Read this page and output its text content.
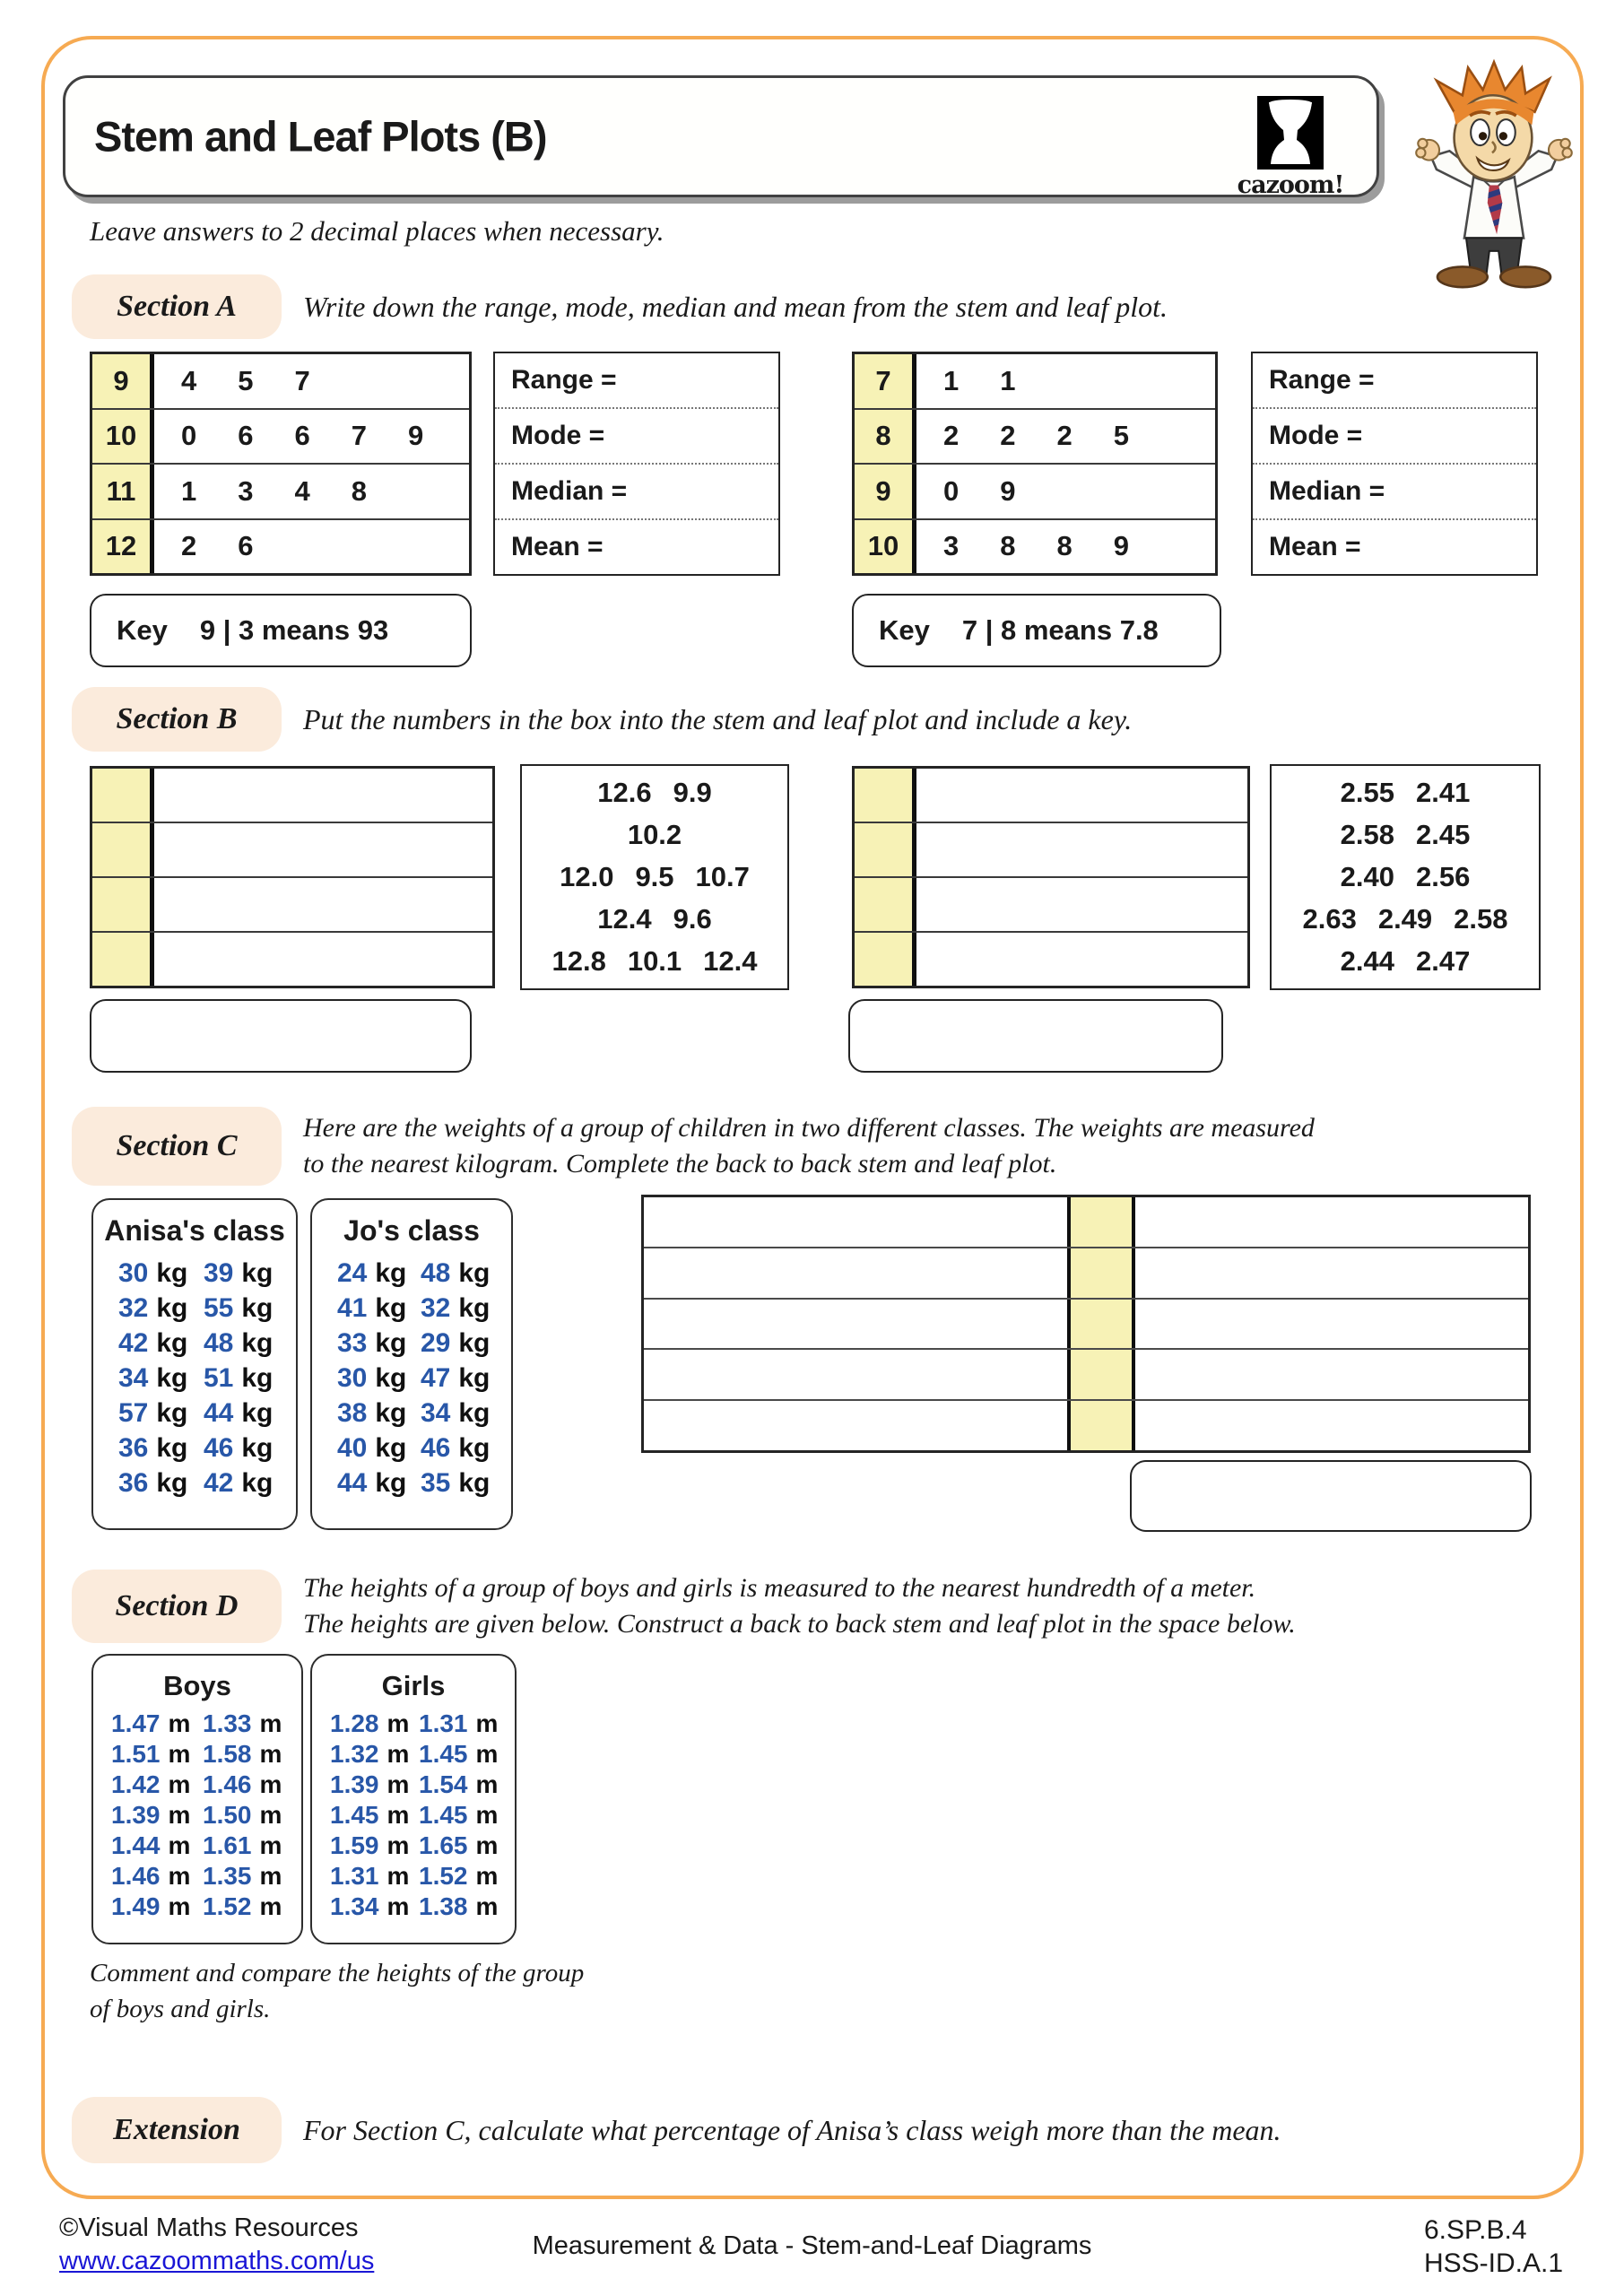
Stem and Leaf Plots (B)
cazoom!
Leave answers to 2 decimal places when necessary.
Section A	Write down the range, mode, median and mean from the stem and leaf plot.
9	4 5 7
10	0 6 6 7 9
11	1 3 4 8
12	2 6
Range =
Mode =
Median =
Mean =
7	1 1
8	2 2 2 5
9	0 9
10	3 8 8 9
Range =
Mode =
Median =
Mean =
Key 9 | 3 means 93	Key 7 | 8 means 7.8
Section B	Put the numbers in the box into the stem and leaf plot and include a key.
12.6 9.9
10.2
12.0 9.5 10.7
12.4 9.6
12.8 10.1 12.4
2.55 2.41
2.58 2.45
2.40 2.56
2.63 2.49 2.58
2.44 2.47
Section C
Here are the weights of a group of children in two different classes. The weights are measured
to the nearest kilogram. Complete the back to back stem and leaf plot.
Anisa's class
30 kg 39 kg
32 kg 55 kg
42 kg 48 kg
34 kg 51 kg
57 kg 44 kg
36 kg 46 kg
36 kg 42 kg
Jo's class
24 kg 48 kg
41 kg 32 kg
33 kg 29 kg
30 kg 47 kg
38 kg 34 kg
40 kg 46 kg
44 kg 35 kg
Section D
The heights of a group of boys and girls is measured to the nearest hundredth of a meter.
The heights are given below. Construct a back to back stem and leaf plot in the space below.
Boys
1.47 m 1.33 m
1.51 m 1.58 m
1.42 m 1.46 m
1.39 m 1.50 m
1.44 m 1.61 m
1.46 m 1.35 m
1.49 m 1.52 m
Girls
1.28 m 1.31 m
1.32 m 1.45 m
1.39 m 1.54 m
1.45 m 1.45 m
1.59 m 1.65 m
1.31 m 1.52 m
1.34 m 1.38 m
Comment and compare the heights of the group
of boys and girls.
Extension	For Section C, calculate what percentage of Anisa’s class weigh more than the mean.
©Visual Maths Resources
www.cazoommaths.com/us
Measurement & Data - Stem-and-Leaf Diagrams
6.SP.B.4
HSS-ID.A.1
